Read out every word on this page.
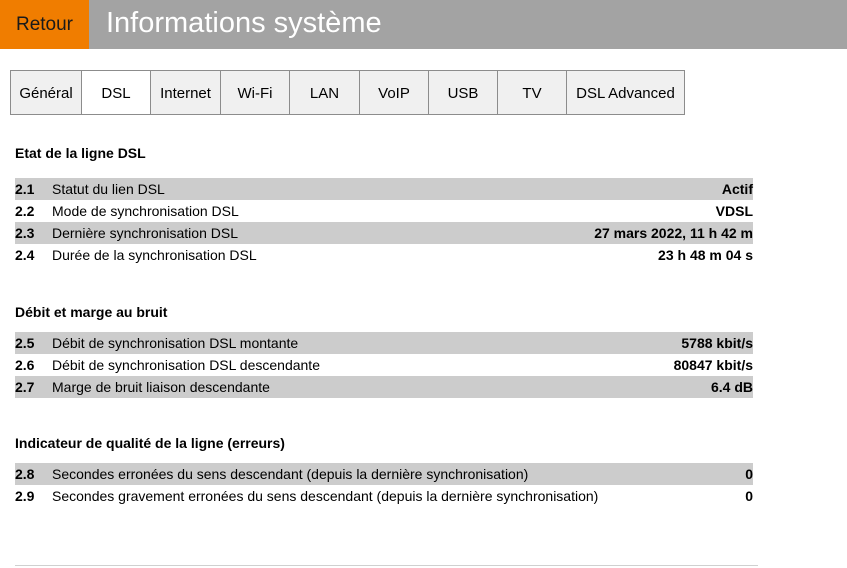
Retour	Informations système
Général	DSL	Internet	Wi-Fi	LAN	VoIP	USB	TV	DSL Advanced
Etat de la ligne DSL
2.1	Statut du lien DSL	Actif
2.2	Mode de synchronisation DSL	VDSL
2.3	Dernière synchronisation DSL	27 mars 2022, 11 h 42 m
2.4	Durée de la synchronisation DSL	23 h 48 m 04 s
Débit et marge au bruit
2.5	Débit de synchronisation DSL montante	5788 kbit/s
2.6	Débit de synchronisation DSL descendante	80847 kbit/s
2.7	Marge de bruit liaison descendante	6.4 dB
Indicateur de qualité de la ligne (erreurs)
2.8	Secondes erronées du sens descendant (depuis la dernière synchronisation)	0
2.9	Secondes gravement erronées du sens descendant (depuis la dernière synchronisation)	0
